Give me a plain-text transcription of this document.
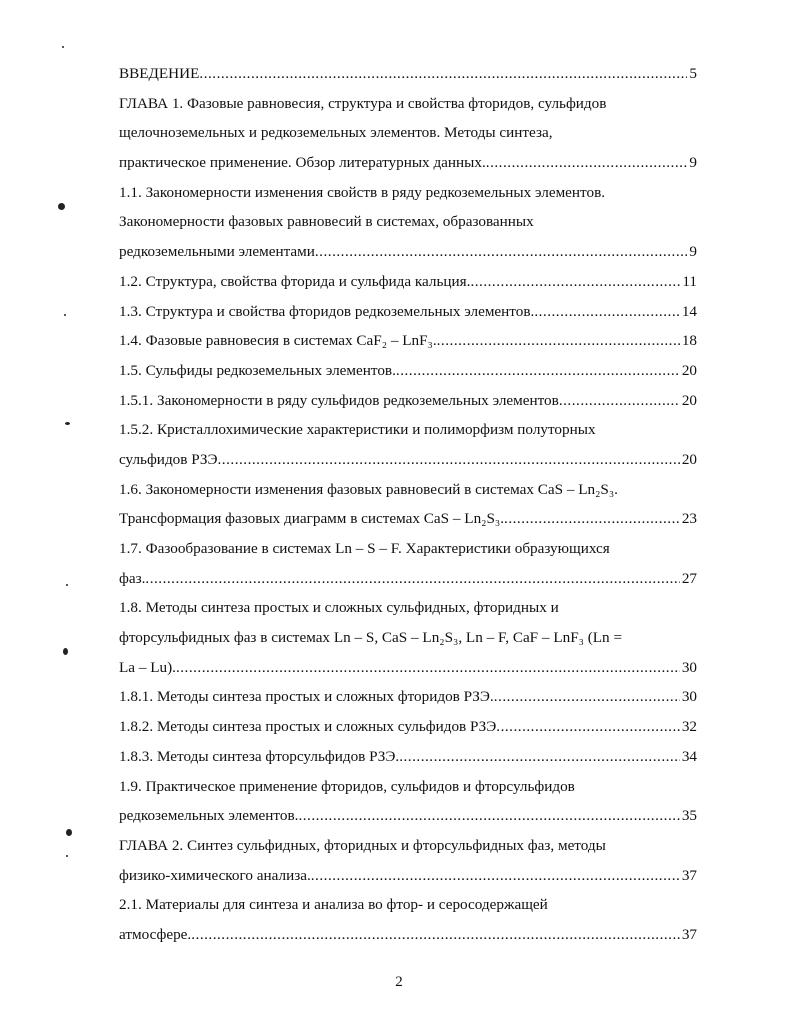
ВВЕДЕНИЕ .....	5
ГЛАВА 1. Фазовые равновесия, структура и свойства фторидов, сульфидов
щелочноземельных и редкоземельных элементов. Методы синтеза,
практическое применение. Обзор литературных данных. .....	9
1.1. Закономерности изменения свойств в ряду редкоземельных элементов.
Закономерности фазовых равновесий в системах, образованных
редкоземельными элементами .....	9
1.2. Структура, свойства фторида и сульфида кальция. .....	11
1.3. Структура и свойства фторидов редкоземельных элементов. .....	14
1.4. Фазовые равновесия в системах CaF₂ – LnF₃. .....	18
1.5. Сульфиды редкоземельных элементов. .....	20
1.5.1. Закономерности в ряду сульфидов редкоземельных элементов .....	20
1.5.2. Кристаллохимические характеристики и полиморфизм полуторных
сульфидов РЗЭ .....	20
1.6. Закономерности изменения фазовых равновесий в системах CaS – Ln₂S₃.
Трансформация фазовых диаграмм в системах CaS – Ln₂S₃. .....	23
1.7. Фазообразование в системах Ln – S – F. Характеристики образующихся
фаз. .....	27
1.8. Методы синтеза простых и сложных сульфидных, фторидных и
фторсульфидных фаз в системах Ln – S, CaS – Ln₂S₃, Ln – F, CaF – LnF₃ (Ln =
La – Lu). .....	30
1.8.1. Методы синтеза простых и сложных фторидов РЗЭ. .....	30
1.8.2. Методы синтеза простых и сложных сульфидов РЗЭ .....	32
1.8.3. Методы синтеза фторсульфидов РЗЭ. .....	34
1.9. Практическое применение фторидов, сульфидов и фторсульфидов
редкоземельных элементов. .....	35
ГЛАВА 2. Синтез сульфидных, фторидных и фторсульфидных фаз, методы
физико-химического анализа. .....	37
2.1. Материалы для синтеза и анализа во фтор- и серосодержащей
атмосфере. .....	37
2
